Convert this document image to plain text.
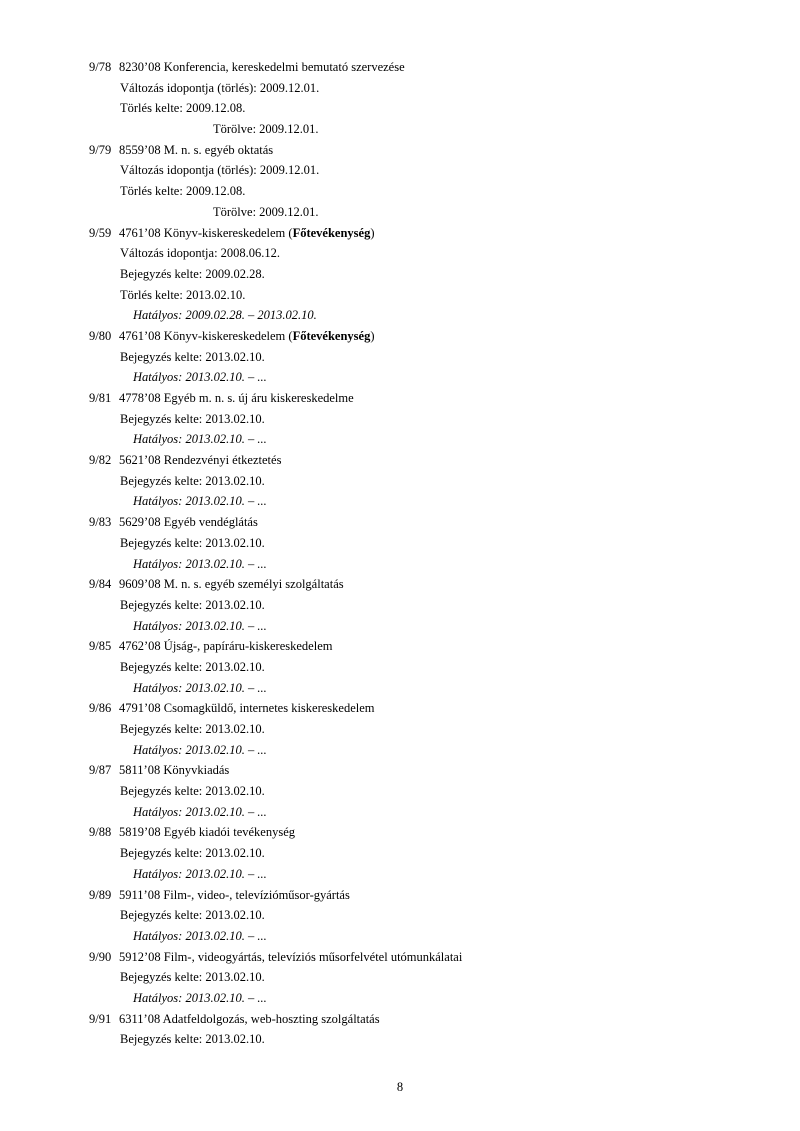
9/78 8230’08 Konferencia, kereskedelmi bemutató szervezése
Változás idopontja (törlés): 2009.12.01.
Törlés kelte: 2009.12.08.
Törölve: 2009.12.01.
9/79 8559’08 M. n. s. egyéb oktatás
Változás idopontja (törlés): 2009.12.01.
Törlés kelte: 2009.12.08.
Törölve: 2009.12.01.
9/59 4761’08 Könyv-kiskereskedelem (Főtevékenység)
Változás idopontja: 2008.06.12.
Bejegyzés kelte: 2009.02.28.
Törlés kelte: 2013.02.10.
Hatályos: 2009.02.28. – 2013.02.10.
9/80 4761’08 Könyv-kiskereskedelem (Főtevékenység)
Bejegyzés kelte: 2013.02.10.
Hatályos: 2013.02.10. – ...
9/81 4778’08 Egyéb m. n. s. új áru kiskereskedelme
Bejegyzés kelte: 2013.02.10.
Hatályos: 2013.02.10. – ...
9/82 5621’08 Rendezvényi étkeztetés
Bejegyzés kelte: 2013.02.10.
Hatályos: 2013.02.10. – ...
9/83 5629’08 Egyéb vendéglátás
Bejegyzés kelte: 2013.02.10.
Hatályos: 2013.02.10. – ...
9/84 9609’08 M. n. s. egyéb személyi szolgáltatás
Bejegyzés kelte: 2013.02.10.
Hatályos: 2013.02.10. – ...
9/85 4762’08 Újság-, papíráru-kiskereskedelem
Bejegyzés kelte: 2013.02.10.
Hatályos: 2013.02.10. – ...
9/86 4791’08 Csomagküldő, internetes kiskereskedelem
Bejegyzés kelte: 2013.02.10.
Hatályos: 2013.02.10. – ...
9/87 5811’08 Könyvkiadás
Bejegyzés kelte: 2013.02.10.
Hatályos: 2013.02.10. – ...
9/88 5819’08 Egyéb kiadói tevékenység
Bejegyzés kelte: 2013.02.10.
Hatályos: 2013.02.10. – ...
9/89 5911’08 Film-, video-, televízióműsor-gyártás
Bejegyzés kelte: 2013.02.10.
Hatályos: 2013.02.10. – ...
9/90 5912’08 Film-, videogyártás, televíziós műsorfelvétel utómunkálatai
Bejegyzés kelte: 2013.02.10.
Hatályos: 2013.02.10. – ...
9/91 6311’08 Adatfeldolgozás, web-hoszting szolgáltatás
Bejegyzés kelte: 2013.02.10.
8
